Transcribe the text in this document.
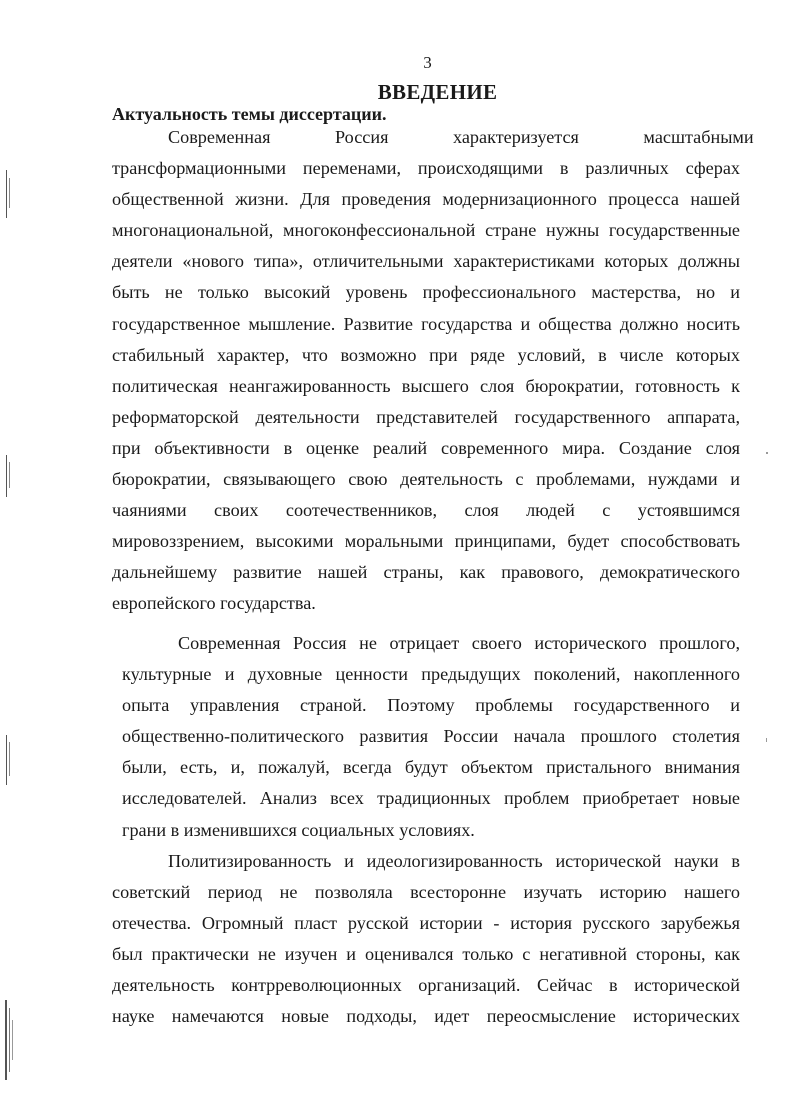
3
ВВЕДЕНИЕ
Актуальность темы диссертации.
Современная Россия характеризуется масштабными
трансформационными переменами, происходящими в различных сферах
общественной жизни. Для проведения модернизационного процесса нашей
многонациональной, многоконфессиональной стране нужны государственные
деятели «нового типа», отличительными характеристиками которых должны
быть не только высокий уровень профессионального мастерства, но и
государственное мышление. Развитие государства и общества должно носить
стабильный характер, что возможно при ряде условий, в числе которых
политическая неангажированность высшего слоя бюрократии, готовность к
реформаторской деятельности представителей государственного аппарата,
при объективности в оценке реалий современного мира. Создание слоя
бюрократии, связывающего свою деятельность с проблемами, нуждами и
чаяниями своих соотечественников, слоя людей с устоявшимся
мировоззрением, высокими моральными принципами, будет способствовать
дальнейшему развитие нашей страны, как правового, демократического
европейского государства.
Современная Россия не отрицает своего исторического прошлого,
культурные и духовные ценности предыдущих поколений, накопленного
опыта управления страной. Поэтому проблемы государственного и
общественно-политического развития России начала прошлого столетия
были, есть, и, пожалуй, всегда будут объектом пристального внимания
исследователей. Анализ всех традиционных проблем приобретает новые
грани в изменившихся социальных условиях.
Политизированность и идеологизированность исторической науки в
советский период не позволяла всесторонне изучать историю нашего
отечества. Огромный пласт русской истории - история русского зарубежья
был практически не изучен и оценивался только с негативной стороны, как
деятельность контрреволюционных организаций. Сейчас в исторической
науке намечаются новые подходы, идет переосмысление исторических
